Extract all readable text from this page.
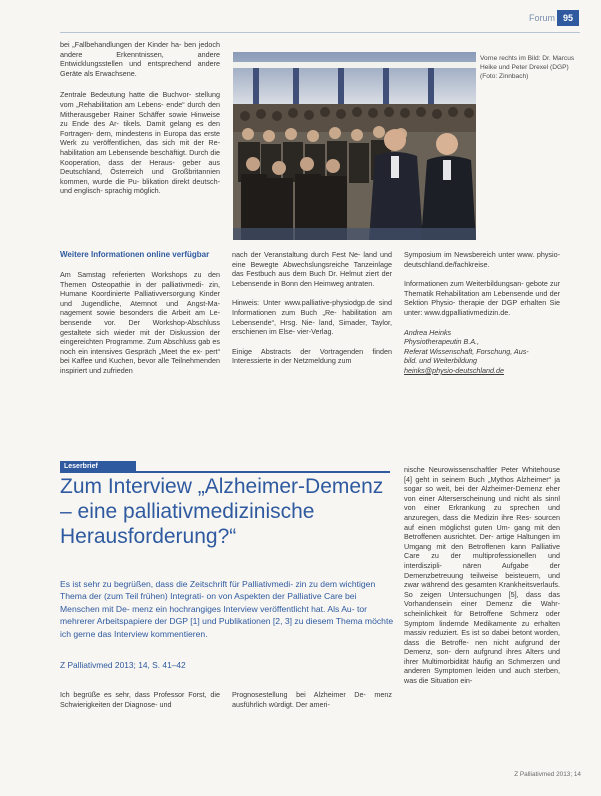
Forum 95

bei „Fallbehandlungen der Kinder ha- ben jedoch andere Erkenntnissen, andere Entwicklungsstellen und entsprechend andere Geräte als Erwachsene.

Zentrale Bedeutung hatte die Buchvor- stellung vom „Rehabilitation am Lebens- ende“ durch den Mitherausgeber Rainer Schäffer sowie Hinweise zu Ende des Ar- tikels. Damit gelang es den Fortragen- dern, mindestens in Europa das erste Werk zu veröffentlichen, das sich mit der Re- habilitation am Lebensende beschäftigt. Durch die Kooperation, dass der Heraus- geber aus Deutschland, Österreich und Großbritannien kommen, wurde die Pu- blikation direkt deutsch- und englisch- sprachig möglich.

Vorne rechts im Bild: Dr. Marcus Heike und Peter Drexel (DGP) (Foto: Zinnbach)

Weitere Informationen online verfügbar

Am Samstag referierten Workshops zu den Themen Osteopathie in der palliativmedi- zin, Humane Koordinierte Palliativversorgung Kinder und Jugendliche, Atemnot und Angst-Ma- nagement sowie besonders die Arbeit am Le- bensende vor. Der Workshop-Abschluss gestaltete sich wieder mit der Diskussion der eingereichten Programme. Zum Abschluss gab es noch ein intensives Gespräch „Meet the ex- pert“ bei Kaffee und Kuchen, bevor alle Teilnehmenden inspiriert und zufrieden

nach der Veranstaltung durch Fest Ne- land und eine Bewegte Abwechslungsreiche Tanzeinlage das Festbuch aus dem Buch Dr. Helmut ziert der Lebensende in Bonn den Heimweg antraten.

Hinweis: Unter www.palliative-physiodgp.de sind Informationen zum Buch „Re- habilitation am Lebensende“, Hrsg. Nie- land, Simader, Taylor, erschienen im Else- vier-Verlag.

Einige Abstracts der Vortragenden finden Interessierte in der Netzmeldung zum

Symposium im Newsbereich unter www. physio-deutschland.de/fachkreise.

Informationen zum Weiterbildungsan- gebote zur Thematik Rehabilitation am Lebensende und der Sektion Physio- therapie der DGP erhalten Sie unter: www.dgpalliativmedizin.de.

Andrea Heinks

Physiotherapeutin B.A.,

Referat Wissenschaft, Forschung, Aus-

bild. und Weiterbildung

heinks@physio-deutschland.de

Leserbrief
Zum Interview „Alzheimer-Demenz – eine palliativmedizinische Herausforderung?“

Es ist sehr zu begrüßen, dass die Zeitschrift für Palliativmedi- zin zu dem wichtigen Thema der (zum Teil frühen) Integrati- on von Aspekten der Palliative Care bei Menschen mit De- menz ein hochrangiges Interview veröffentlicht hat. Als Au- tor mehrerer Arbeitspapiere der DGP [1] und Publikationen [2, 3] zu diesem Thema möchte ich gerne das Interview kommentieren.

Z Palliativmed 2013; 14, S. 41–42

Ich begrüße es sehr, dass Professor Forst, die Schwierigkeiten der Diagnose- und

Prognosestellung bei Alzheimer De- menz ausführlich würdigt. Der ameri-

nische Neurowissenschaftler Peter Whitehouse [4] geht in seinem Buch „Mythos Alzheimer“ ja sogar so weit, bei der Alzheimer-Demenz eher von einer Alterserscheinung und nicht als sinnl von einer Erkrankung zu sprechen und anzuregen, dass die Medizin ihre Res- sourcen auf einen möglichst guten Um- gang mit den Betroffenen ausrichtet. Der- artige Haltungen im Umgang mit den Betroffenen kann Palliative Care zu der multiprofessionellen und interdiszipli- nären Aufgabe der Demenzbetreuung teilweise beisteuern, und zwar während des gesamten Krankheitsverlaufs. So zeigen Untersuchungen [5], dass das Vorhandensein einer Demenz die Wahr- scheinlichkeit für Betroffene Schmerz oder Symptom lindernde Medikamente zu erhalten massiv reduziert. Es ist so dabei betont worden, dass die Betroffe- nen nicht aufgrund der Demenz, son- dern aufgrund ihres Alters und ihrer Multimorbidität häufig an Schmerzen und anderen Symptomen leiden und auch sterben, was die Situation ein-

Z Palliativmed 2013; 14
